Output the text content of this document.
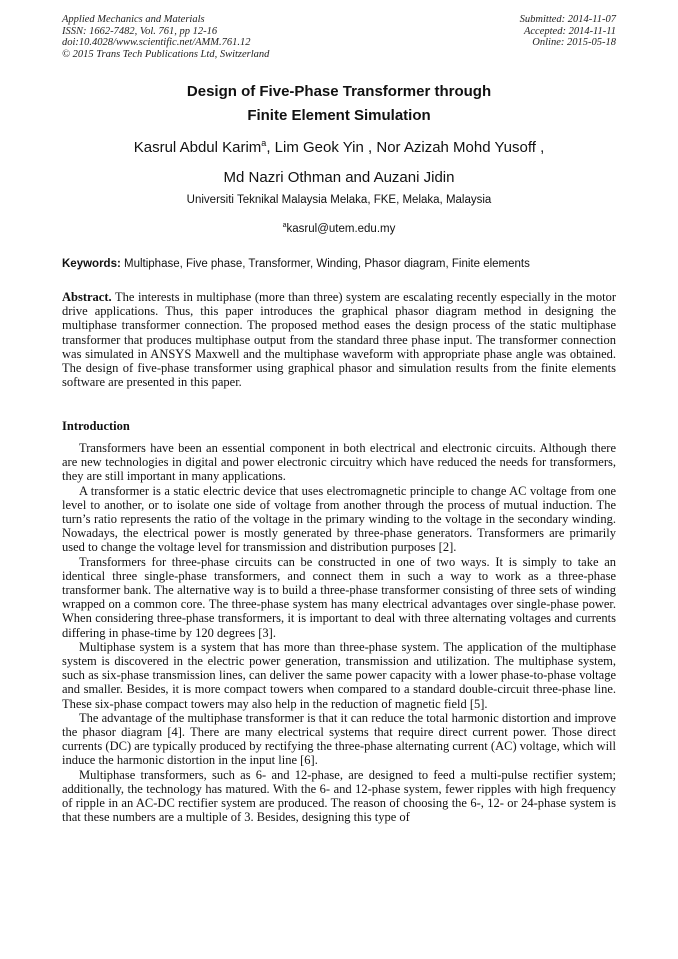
Applied Mechanics and Materials
ISSN: 1662-7482, Vol. 761, pp 12-16
doi:10.4028/www.scientific.net/AMM.761.12
© 2015 Trans Tech Publications Ltd, Switzerland
Submitted: 2014-11-07
Accepted: 2014-11-11
Online: 2015-05-18
Design of Five-Phase Transformer through
Finite Element Simulation
Kasrul Abdul Karim$^a$, Lim Geok Yin , Nor Azizah Mohd Yusoff ,
Md Nazri Othman and Auzani Jidin
Universiti Teknikal Malaysia Melaka, FKE, Melaka, Malaysia
$^a$kasrul@utem.edu.my
Keywords: Multiphase, Five phase, Transformer, Winding, Phasor diagram, Finite elements
Abstract. The interests in multiphase (more than three) system are escalating recently especially in the motor drive applications. Thus, this paper introduces the graphical phasor diagram method in designing the multiphase transformer connection. The proposed method eases the design process of the static multiphase transformer that produces multiphase output from the standard three phase input. The transformer connection was simulated in ANSYS Maxwell and the multiphase waveform with appropriate phase angle was obtained. The design of five-phase transformer using graphical phasor and simulation results from the finite elements software are presented in this paper.
Introduction

Transformers have been an essential component in both electrical and electronic circuits. Although there are new technologies in digital and power electronic circuitry which have reduced the needs for transformers, they are still important in many applications.

A transformer is a static electric device that uses electromagnetic principle to change AC voltage from one level to another, or to isolate one side of voltage from another through the process of mutual induction. The turn’s ratio represents the ratio of the voltage in the primary winding to the voltage in the secondary winding. Nowadays, the electrical power is mostly generated by three-phase generators. Transformers are primarily used to change the voltage level for transmission and distribution purposes [2].

Transformers for three-phase circuits can be constructed in one of two ways. It is simply to take an identical three single-phase transformers, and connect them in such a way to work as a three-phase transformer bank. The alternative way is to build a three-phase transformer consisting of three sets of winding wrapped on a common core. The three-phase system has many electrical advantages over single-phase power. When considering three-phase transformers, it is important to deal with three alternating voltages and currents differing in phase-time by 120 degrees [3].

Multiphase system is a system that has more than three-phase system. The application of the multiphase system is discovered in the electric power generation, transmission and utilization. The multiphase system, such as six-phase transmission lines, can deliver the same power capacity with a lower phase-to-phase voltage and smaller. Besides, it is more compact towers when compared to a standard double-circuit three-phase line. These six-phase compact towers may also help in the reduction of magnetic field [5].

The advantage of the multiphase transformer is that it can reduce the total harmonic distortion and improve the phasor diagram [4]. There are many electrical systems that require direct current power. Those direct currents (DC) are typically produced by rectifying the three-phase alternating current (AC) voltage, which will induce the harmonic distortion in the input line [6].

Multiphase transformers, such as 6- and 12-phase, are designed to feed a multi-pulse rectifier system; additionally, the technology has matured. With the 6- and 12-phase system, fewer ripples with high frequency of ripple in an AC-DC rectifier system are produced. The reason of choosing the 6-, 12- or 24-phase system is that these numbers are a multiple of 3. Besides, designing this type of
